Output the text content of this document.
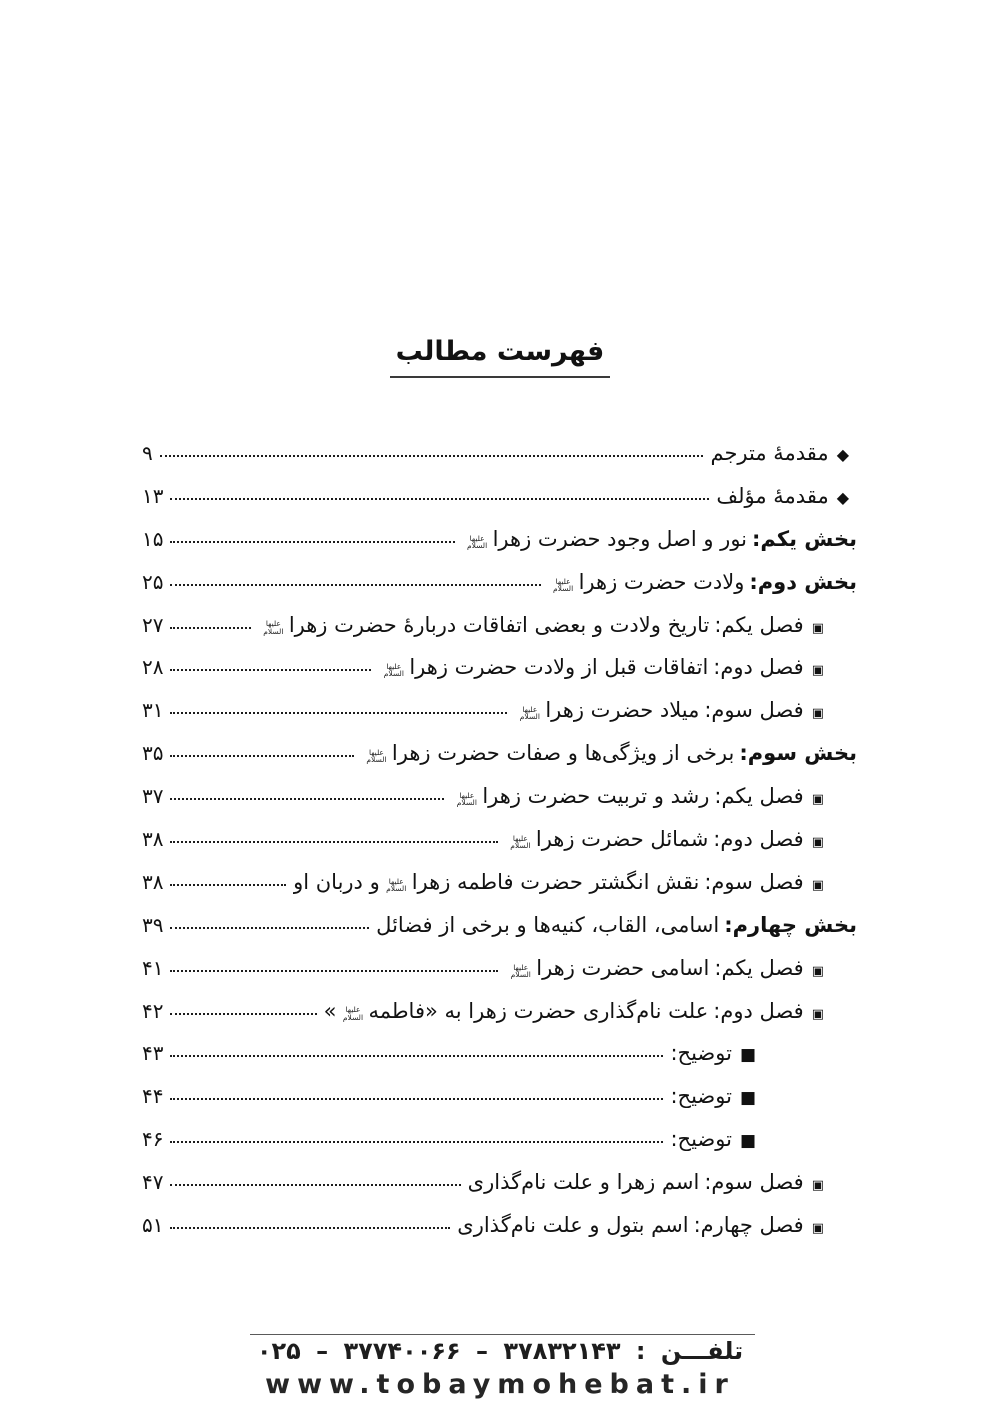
فهرست مطالب
◆
مقدمهٔ مترجم
۹
◆
مقدمهٔ مؤلف
۱۳
بخش یکم:نور و اصل وجود حضرت زهراعلیها السلام
۱۵
بخش دوم:ولادت حضرت زهراعلیها السلام
۲۵
▣
فصل یکم:تاریخ ولادت و بعضی اتفاقات دربارهٔ حضرت زهراعلیها السلام
۲۷
▣
فصل دوم:اتفاقات قبل از ولادت حضرت زهراعلیها السلام
۲۸
▣
فصل سوم:میلاد حضرت زهراعلیها السلام
۳۱
بخش سوم:برخی از ویژگی‌ها و صفات حضرت زهراعلیها السلام
۳۵
▣
فصل یکم:رشد و تربیت حضرت زهراعلیها السلام
۳۷
▣
فصل دوم:شمائل حضرت زهراعلیها السلام
۳۸
▣
فصل سوم:نقش انگشتر حضرت فاطمه زهراعلیها السلامو دربان او
۳۸
بخش چهارم:اسامی، القاب، کنیه‌ها و برخی از فضائل
۳۹
▣
فصل یکم:اسامی حضرت زهراعلیها السلام
۴۱
▣
فصل دوم:علت نام‌گذاری حضرت زهرا به «فاطمهعلیها السلام»
۴۲
■
توضیح:
۴۳
■
توضیح:
۴۴
■
توضیح:
۴۶
▣
فصل سوم:اسم زهرا و علت نام‌گذاری
۴۷
▣
فصل چهارم:اسم بتول و علت نام‌گذاری
۵۱
تلفـــن : ۳۷۸۳۲۱۴۳ – ۳۷۷۴۰۰۶۶ – ۰۲۵
www.tobaymohebat.ir
